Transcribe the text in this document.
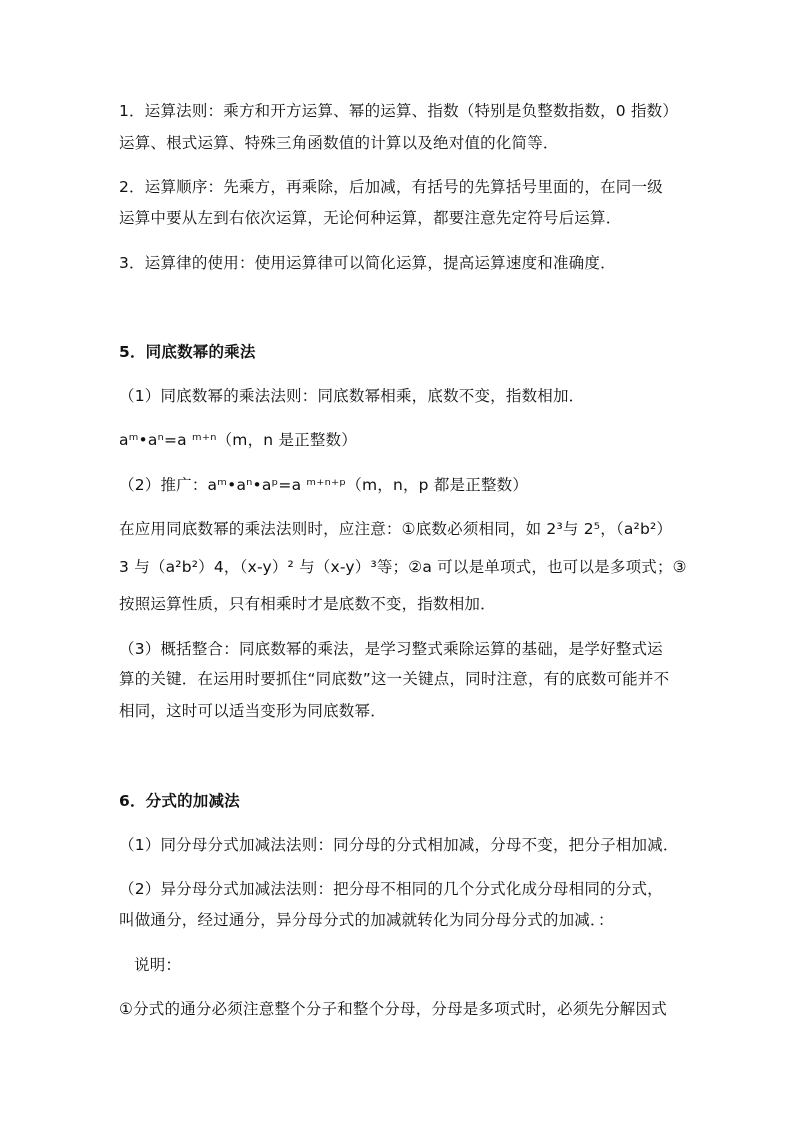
1．运算法则：乘方和开方运算、幂的运算、指数（特别是负整数指数，0 指数）
运算、根式运算、特殊三角函数值的计算以及绝对值的化简等．
2．运算顺序：先乘方，再乘除，后加减，有括号的先算括号里面的，在同一级
运算中要从左到右依次运算，无论何种运算，都要注意先定符号后运算．
3．运算律的使用：使用运算律可以简化运算，提高运算速度和准确度．
5．同底数幂的乘法
（1）同底数幂的乘法法则：同底数幂相乘，底数不变，指数相加．
aᵐ•aⁿ=a ᵐ⁺ⁿ（m，n 是正整数）
（2）推广：aᵐ•aⁿ•aᵖ=a ᵐ⁺ⁿ⁺ᵖ（m，n，p 都是正整数）
在应用同底数幂的乘法法则时，应注意：①底数必须相同，如 2³与 2⁵，（a²b²）
3 与（a²b²）4，（x-y）² 与（x-y）³等；②a 可以是单项式，也可以是多项式；③
按照运算性质，只有相乘时才是底数不变，指数相加．
（3）概括整合：同底数幂的乘法，是学习整式乘除运算的基础，是学好整式运
算的关键．在运用时要抓住“同底数”这一关键点，同时注意，有的底数可能并不
相同，这时可以适当变形为同底数幂．
6．分式的加减法
（1）同分母分式加减法法则：同分母的分式相加减，分母不变，把分子相加减．
（2）异分母分式加减法法则：把分母不相同的几个分式化成分母相同的分式，
叫做通分，经过通分，异分母分式的加减就转化为同分母分式的加减．：
说明：
①分式的通分必须注意整个分子和整个分母，分母是多项式时，必须先分解因式
